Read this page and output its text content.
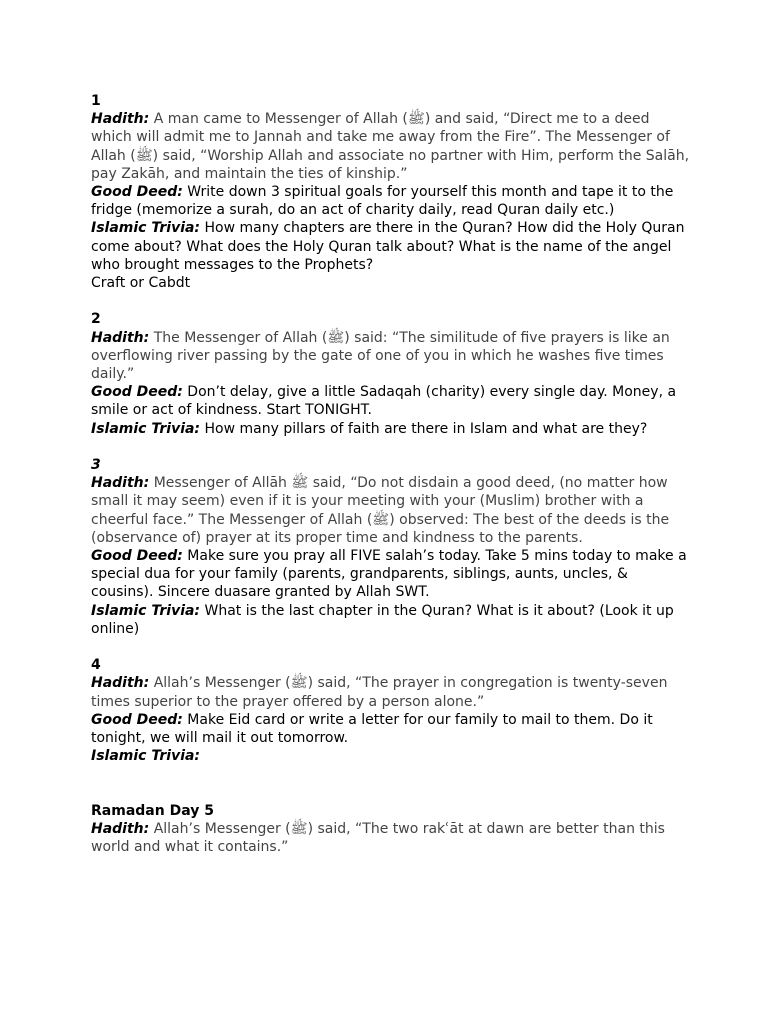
1

Hadith: A man came to Messenger of Allah (ﷺ) and said, “Direct me to a deed which will admit me to Jannah and take me away from the Fire”. The Messenger of Allah (ﷺ) said, “Worship Allah and associate no partner with Him, perform the Salāh, pay Zakāh, and maintain the ties of kinship.”

Good Deed: Write down 3 spiritual goals for yourself this month and tape it to the fridge (memorize a surah, do an act of charity daily, read Quran daily etc.)

Islamic Trivia: How many chapters are there in the Quran? How did the Holy Quran come about? What does the Holy Quran talk about? What is the name of the angel who brought messages to the Prophets?

Craft or Cabdt

2

Hadith: The Messenger of Allah (ﷺ) said: “The similitude of five prayers is like an overflowing river passing by the gate of one of you in which he washes five times daily.”

Good Deed: Don’t delay, give a little Sadaqah (charity) every single day. Money, a smile or act of kindness. Start TONIGHT.

Islamic Trivia: How many pillars of faith are there in Islam and what are they?

3

Hadith: Messenger of Allāh ﷺ said, “Do not disdain a good deed, (no matter how small it may seem) even if it is your meeting with your (Muslim) brother with a cheerful face.” The Messenger of Allah (ﷺ) observed: The best of the deeds is the (observance of) prayer at its proper time and kindness to the parents.

Good Deed: Make sure you pray all FIVE salah’s today. Take 5 mins today to make a special dua for your family (parents, grandparents, siblings, aunts, uncles, & cousins). Sincere duasare granted by Allah SWT.

Islamic Trivia: What is the last chapter in the Quran? What is it about? (Look it up online)

4

Hadith: Allah’s Messenger (ﷺ) said, “The prayer in congregation is twenty-seven times superior to the prayer offered by a person alone.”

Good Deed: Make Eid card or write a letter for our family to mail to them. Do it tonight, we will mail it out tomorrow.

Islamic Trivia:

Ramadan Day 5

Hadith: Allah’s Messenger (ﷺ) said, “The two rakʿāt at dawn are better than this world and what it contains.”
